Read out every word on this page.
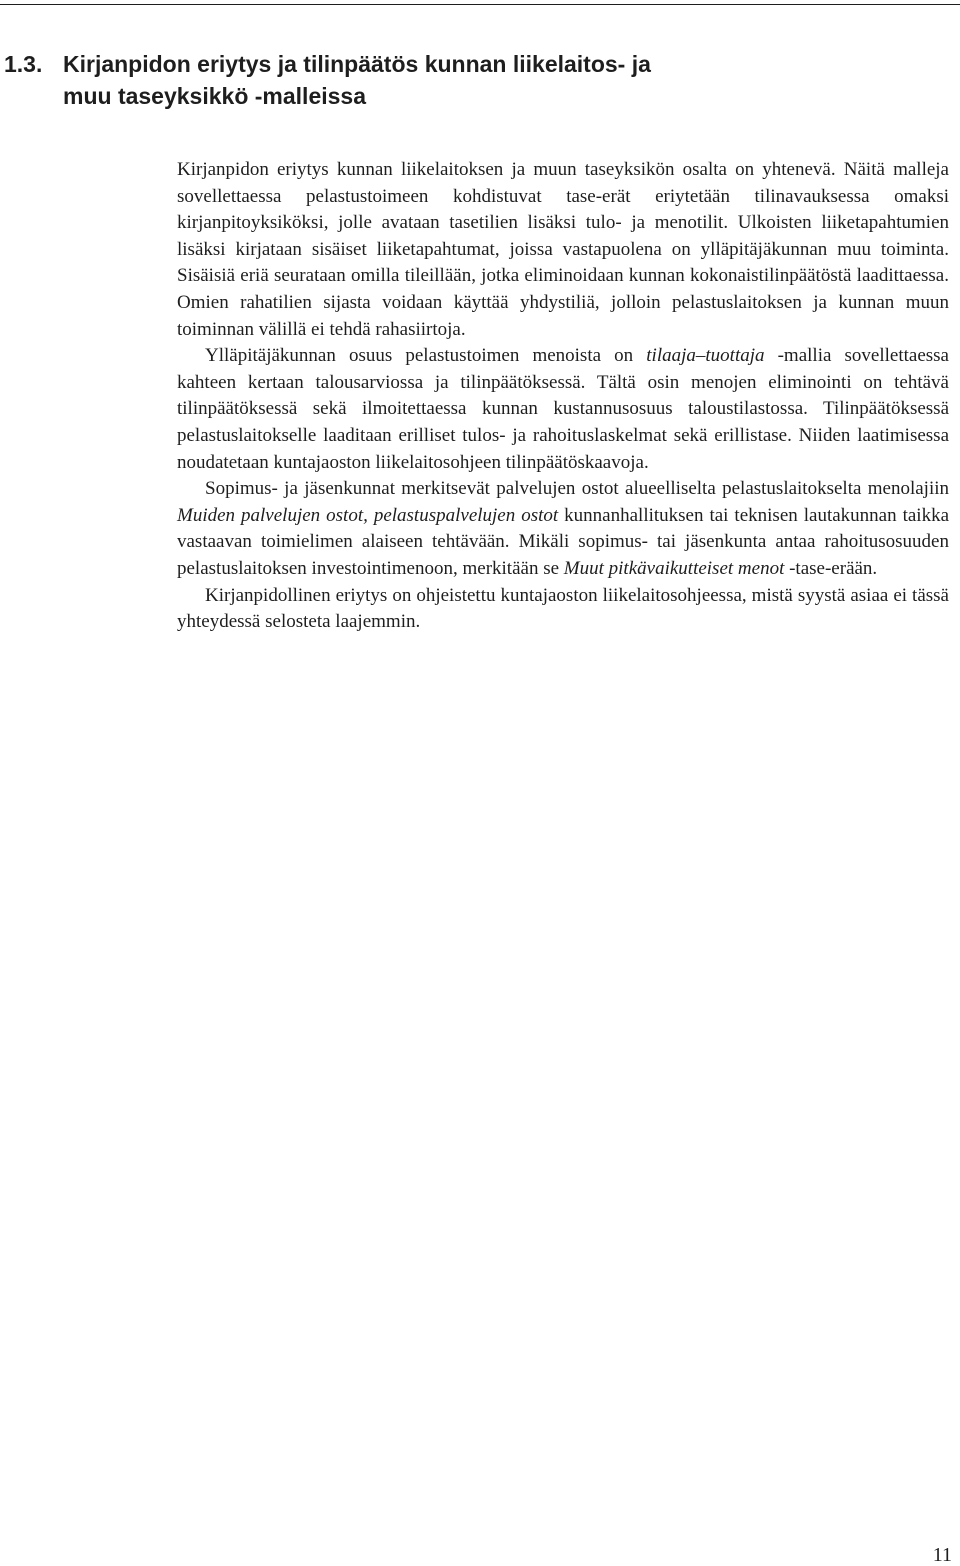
1.3. Kirjanpidon eriytys ja tilinpäätös kunnan liikelaitos- ja
muu taseyksikkö -malleissa

Kirjanpidon eriytys kunnan liikelaitoksen ja muun taseyksikön osalta on yhtenevä. Näitä malleja sovellettaessa pelastustoimeen kohdistuvat tase-erät eriytetään tilinavauksessa omaksi kirjanpitoyksiköksi, jolle avataan tasetilien lisäksi tulo- ja menotilit. Ulkoisten liiketapahtumien lisäksi kirjataan sisäiset liiketapahtumat, joissa vastapuolena on ylläpitäjäkunnan muu toiminta. Sisäisiä eriä seurataan omilla tileillään, jotka eliminoidaan kunnan kokonaistilinpäätöstä laadittaessa. Omien rahatilien sijasta voidaan käyttää yhdystiliä, jolloin pelastuslaitoksen ja kunnan muun toiminnan välillä ei tehdä rahasiirtoja.

Ylläpitäjäkunnan osuus pelastustoimen menoista on tilaaja–tuottaja -mallia sovellettaessa kahteen kertaan talousarviossa ja tilinpäätöksessä. Tältä osin menojen eliminointi on tehtävä tilinpäätöksessä sekä ilmoitettaessa kunnan kustannusosuus taloustilastossa. Tilinpäätöksessä pelastuslaitokselle laaditaan erilliset tulos- ja rahoituslaskelmat sekä erillistase. Niiden laatimisessa noudatetaan kuntajaoston liikelaitosohjeen tilinpäätöskaavoja.

Sopimus- ja jäsenkunnat merkitsevät palvelujen ostot alueelliselta pelastuslaitokselta menolajiin Muiden palvelujen ostot, pelastuspalvelujen ostot kunnanhallituksen tai teknisen lautakunnan taikka vastaavan toimielimen alaiseen tehtävään. Mikäli sopimus- tai jäsenkunta antaa rahoitusosuuden pelastuslaitoksen investointimenoon, merkitään se Muut pitkävaikutteiset menot -tase-erään.

Kirjanpidollinen eriytys on ohjeistettu kuntajaoston liikelaitosohjeessa, mistä syystä asiaa ei tässä yhteydessä selosteta laajemmin.

11
